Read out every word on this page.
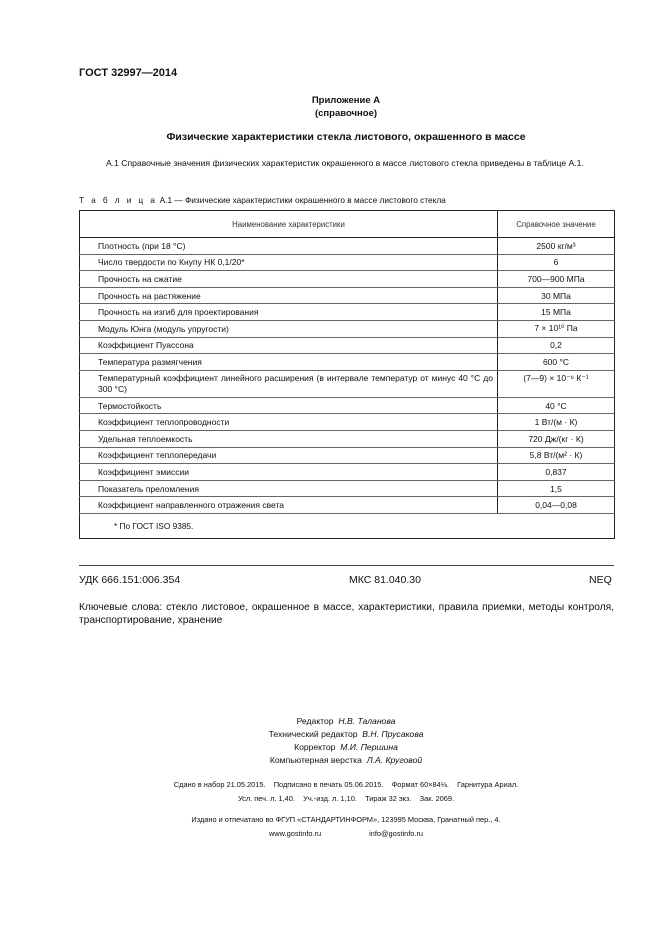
ГОСТ 32997—2014
Приложение А
(справочное)
Физические характеристики стекла листового, окрашенного в массе
А.1 Справочные значения физических характеристик окрашенного в массе листового стекла приведены в таблице А.1.
Т а б л и ц а А.1 — Физические характеристики окрашенного в массе листового стекла
Наименование характеристики	Справочное значение
Плотность (при 18 °С)	2500 кг/м³
Число твердости по Кнупу НК 0,1/20*	6
Прочность на сжатие	700—900 МПа
Прочность на растяжение	30 МПа
Прочность на изгиб для проектирования	15 МПа
Модуль Юнга (модуль упругости)	7 × 10¹⁰ Па
Коэффициент Пуассона	0,2
Температура размягчения	600 °С
Температурный коэффициент линейного расширения (в интервале температур от минус 40 °С до 300 °С)	(7—9) × 10⁻⁶ К⁻¹
Термостойкость	40 °С
Коэффициент теплопроводности	1 Вт/(м · К)
Удельная теплоемкость	720 Дж/(кг · К)
Коэффициент теплопередачи	5,8 Вт/(м² · К)
Коэффициент эмиссии	0,837
Показатель преломления	1,5
Коэффициент направленного отражения света	0,04—0,08
* По ГОСТ ISO 9385.	
УДК 666.151:006.354	МКС 81.040.30	NEQ
Ключевые слова: стекло листовое, окрашенное в массе, характеристики, правила приемки, методы контроля, транспортирование, хранение
Редактор Н.В. Таланова
Технический редактор В.Н. Прусакова
Корректор М.И. Першина
Компьютерная верстка Л.А. Круговой
Сдано в набор 21.05.2015.    Подписано в печать 05.06.2015.    Формат 60×84⅛.    Гарнитура Ариал.
Усл. печ. л. 1,40.    Уч.-изд. л. 1,10.    Тираж 32 экз.    Зак. 2069.
Издано и отпечатано во ФГУП «СТАНДАРТИНФОРМ», 123995 Москва, Гранатный пер., 4.
www.gostinfo.ru	info@gostinfo.ru
